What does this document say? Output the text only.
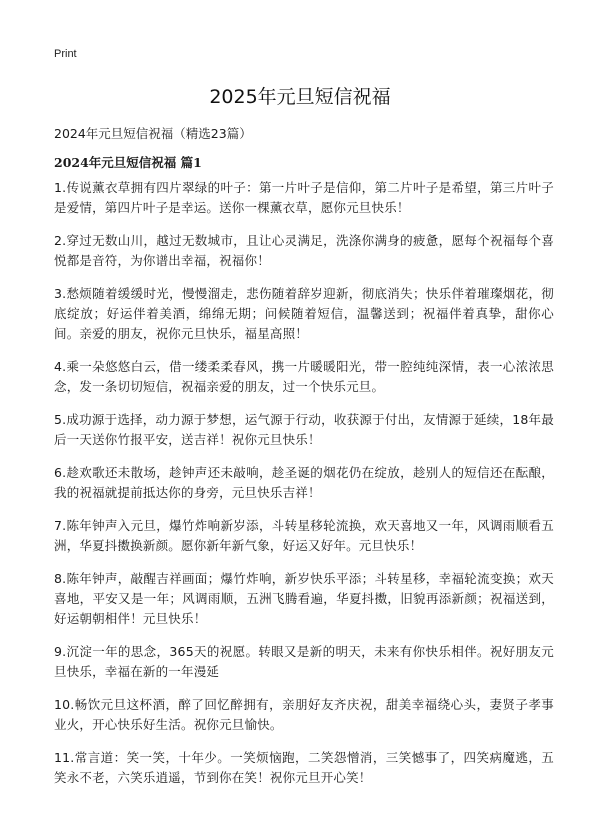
Print
2025年元旦短信祝福

2024年元旦短信祝福（精选23篇）

2024年元旦短信祝福 篇1

1.传说薰衣草拥有四片翠绿的叶子：第一片叶子是信仰，第二片叶子是希望，第三片叶子是爱情，第四片叶子是幸运。送你一棵薰衣草，愿你元旦快乐！

2.穿过无数山川，越过无数城市，且让心灵满足，洗涤你满身的疲惫，愿每个祝福每个喜悦都是音符，为你谱出幸福，祝福你！

3.愁烦随着缓缓时光，慢慢溜走，悲伤随着辞岁迎新，彻底消失；快乐伴着璀璨烟花，彻底绽放；好运伴着美酒，绵绵无期；问候随着短信，温馨送到；祝福伴着真挚，甜你心间。亲爱的朋友，祝你元旦快乐，福星高照！

4.乘一朵悠悠白云，借一缕柔柔春风，携一片暖暖阳光，带一腔纯纯深情，表一心浓浓思念，发一条切切短信，祝福亲爱的朋友，过一个快乐元旦。

5.成功源于选择，动力源于梦想，运气源于行动，收获源于付出，友情源于延续，18年最后一天送你竹报平安，送吉祥！祝你元旦快乐！

6.趁欢歌还未散场，趁钟声还未敲响，趁圣诞的烟花仍在绽放，趁别人的短信还在酝酿，我的祝福就提前抵达你的身旁，元旦快乐吉祥！

7.陈年钟声入元旦，爆竹炸响新岁添，斗转星移轮流换，欢天喜地又一年，风调雨顺看五洲，华夏抖擞换新颜。愿你新年新气象，好运又好年。元旦快乐！

8.陈年钟声，敲醒吉祥画面；爆竹炸响，新岁快乐平添；斗转星移，幸福轮流变换；欢天喜地，平安又是一年；风调雨顺，五洲飞腾看遍，华夏抖擞，旧貌再添新颜；祝福送到，好运朝朝相伴！元旦快乐！

9.沉淀一年的思念，365天的祝愿。转眼又是新的明天，未来有你快乐相伴。祝好朋友元旦快乐，幸福在新的一年漫延

10.畅饮元旦这杯酒，醉了回忆醉拥有，亲朋好友齐庆祝，甜美幸福绕心头，妻贤子孝事业火，开心快乐好生活。祝你元旦愉快。

11.常言道：笑一笑，十年少。一笑烦恼跑，二笑怨憎消，三笑憾事了，四笑病魔逃，五笑永不老，六笑乐逍遥，节到你在笑！祝你元旦开心笑！
